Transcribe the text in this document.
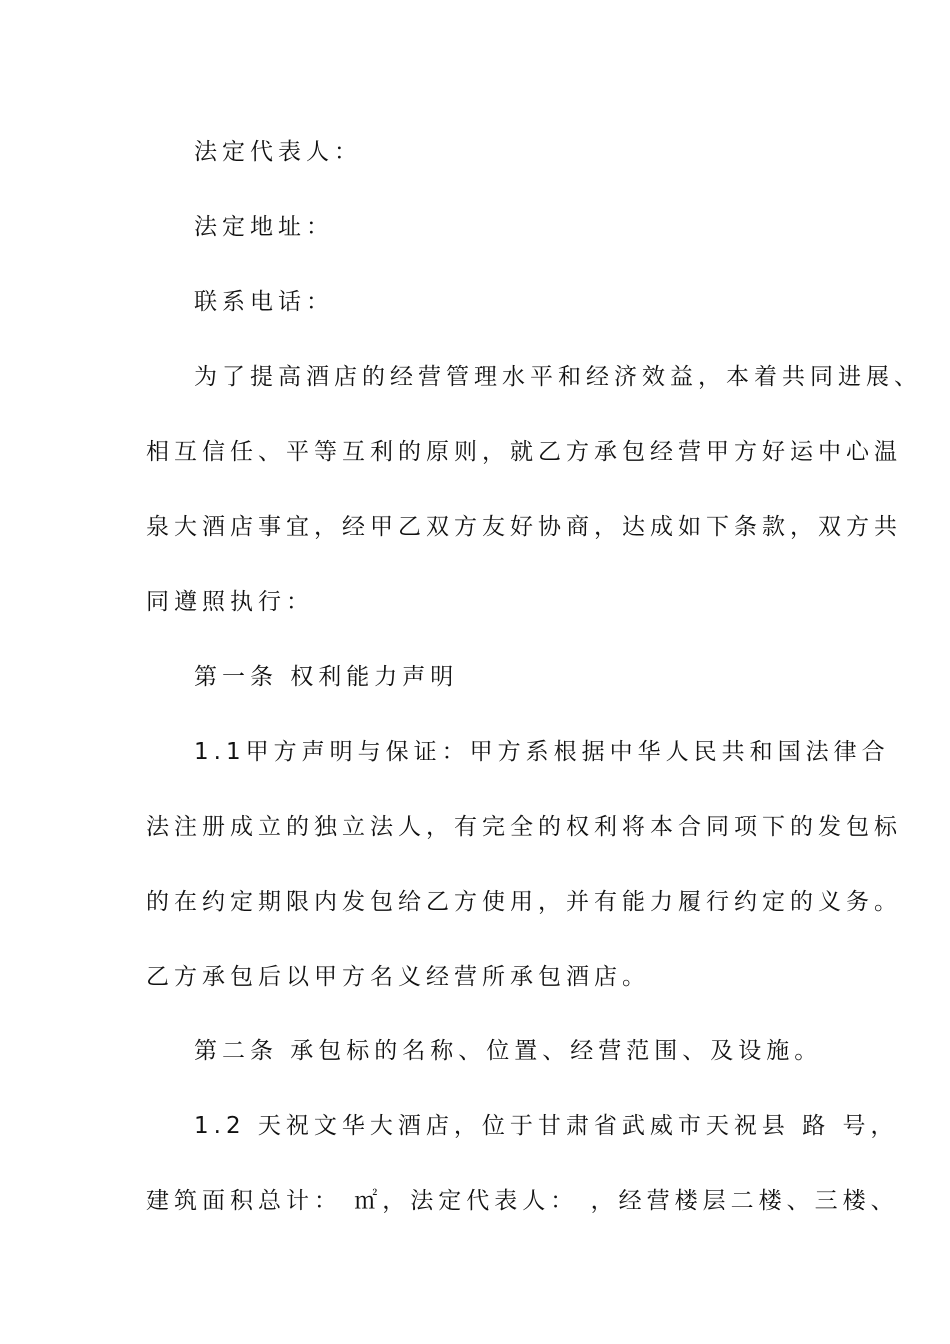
法定代表人：
法定地址：
联系电话：
为了提高酒店的经营管理水平和经济效益，本着共同进展、
相互信任、平等互利的原则，就乙方承包经营甲方好运中心温
泉大酒店事宜，经甲乙双方友好协商，达成如下条款，双方共
同遵照执行：
第一条 权利能力声明
1.1甲方声明与保证：甲方系根据中华人民共和国法律合
法注册成立的独立法人，有完全的权利将本合同项下的发包标
的在约定期限内发包给乙方使用，并有能力履行约定的义务。
乙方承包后以甲方名义经营所承包酒店。
第二条 承包标的名称、位置、经营范围、及设施。
1.2 天祝文华大酒店，位于甘肃省武威市天祝县 路 号，
建筑面积总计： ㎡，法定代表人： ，经营楼层二楼、三楼、
